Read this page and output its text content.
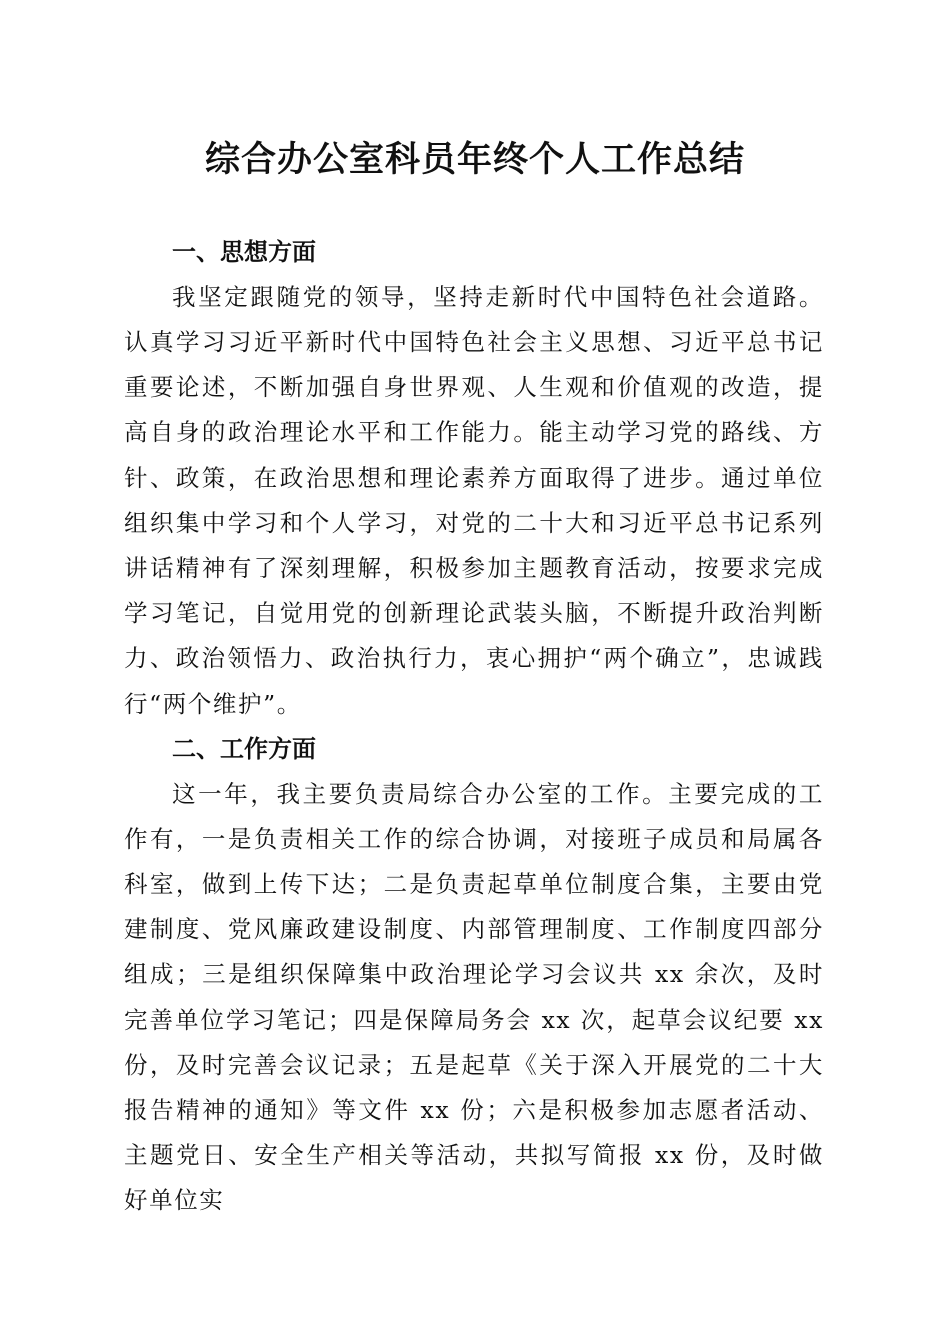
综合办公室科员年终个人工作总结
一、思想方面

我坚定跟随党的领导，坚持走新时代中国特色社会道路。认真学习习近平新时代中国特色社会主义思想、习近平总书记重要论述，不断加强自身世界观、人生观和价值观的改造，提高自身的政治理论水平和工作能力。能主动学习党的路线、方针、政策，在政治思想和理论素养方面取得了进步。通过单位组织集中学习和个人学习，对党的二十大和习近平总书记系列讲话精神有了深刻理解，积极参加主题教育活动，按要求完成学习笔记，自觉用党的创新理论武装头脑，不断提升政治判断力、政治领悟力、政治执行力，衷心拥护“两个确立”，忠诚践行“两个维护”。

二、工作方面

这一年，我主要负责局综合办公室的工作。主要完成的工作有，一是负责相关工作的综合协调，对接班子成员和局属各科室，做到上传下达；二是负责起草单位制度合集，主要由党建制度、党风廉政建设制度、内部管理制度、工作制度四部分组成；三是组织保障集中政治理论学习会议共 xx 余次，及时完善单位学习笔记；四是保障局务会 xx 次，起草会议纪要 xx 份，及时完善会议记录；五是起草《关于深入开展党的二十大报告精神的通知》等文件 xx 份；六是积极参加志愿者活动、主题党日、安全生产相关等活动，共拟写简报 xx 份，及时做好单位实
